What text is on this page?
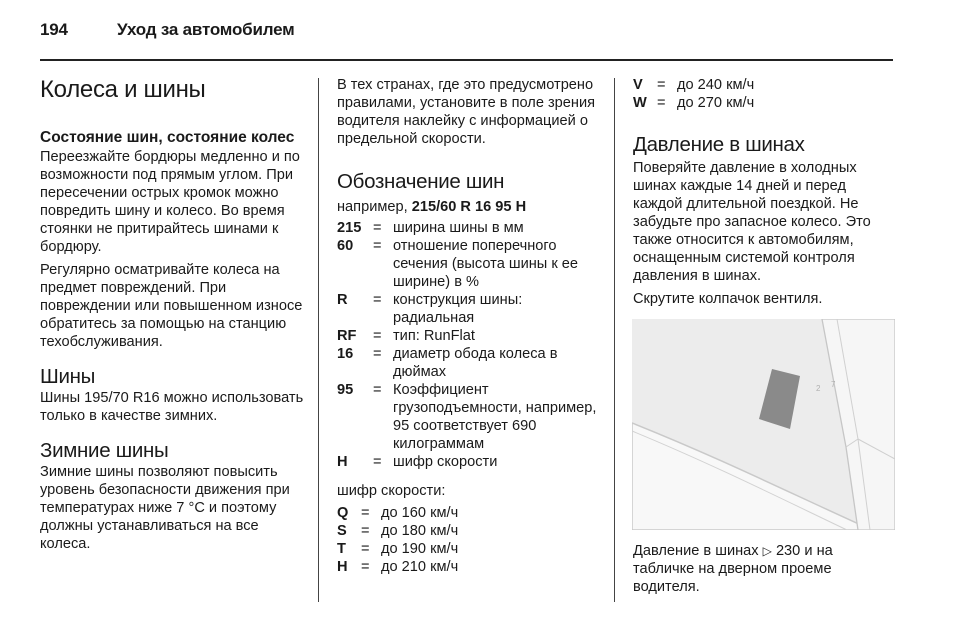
194	Уход за автомобилем
Колеса и шины
Состояние шин, состояние колес

Переезжайте бордюры медленно и по возможности под прямым углом. При пересечении острых кромок можно повредить шину и колесо. Во время стоянки не притирайтесь шинами к бордюру.

Регулярно осматривайте колеса на предмет повреждений. При повреждении или повышенном износе обратитесь за помощью на станцию техобслуживания.

Шины

Шины 195/70 R16 можно использовать только в качестве зимних.

Зимние шины

Зимние шины позволяют повысить уровень безопасности движения при температурах ниже 7 °C и поэтому должны устанавливаться на все колеса.

В тех странах, где это предусмотрено правилами, установите в поле зрения водителя наклейку с информацией о предельной скорости.

Обозначение шин

например, 215/60 R 16 95 H

215 = ширина шины в мм
60	= отношение поперечного сечения (высота шины к ее ширине) в %
R	= конструкция шины: радиальная
RF	= тип: RunFlat
16	= диаметр обода колеса в дюймах
95	= Коэффициент грузоподъемности, например, 95 соответствует 690 килограммам
H	= шифр скорости

шифр скорости:

Q = до 160 км/ч
S = до 180 км/ч
T	= до 190 км/ч
H = до 210 км/ч
V = до 240 км/ч
W = до 270 км/ч
Давление в шинах

Поверяйте давление в холодных шинах каждые 14 дней и перед каждой длительной поездкой. Не забудьте про запасное колесо. Это также относится к автомобилям, оснащенным системой контроля давления в шинах.

Скрутите колпачок вентиля.

2 7

Давление в шинах ▷ 230 и на табличке на дверном проеме водителя.
